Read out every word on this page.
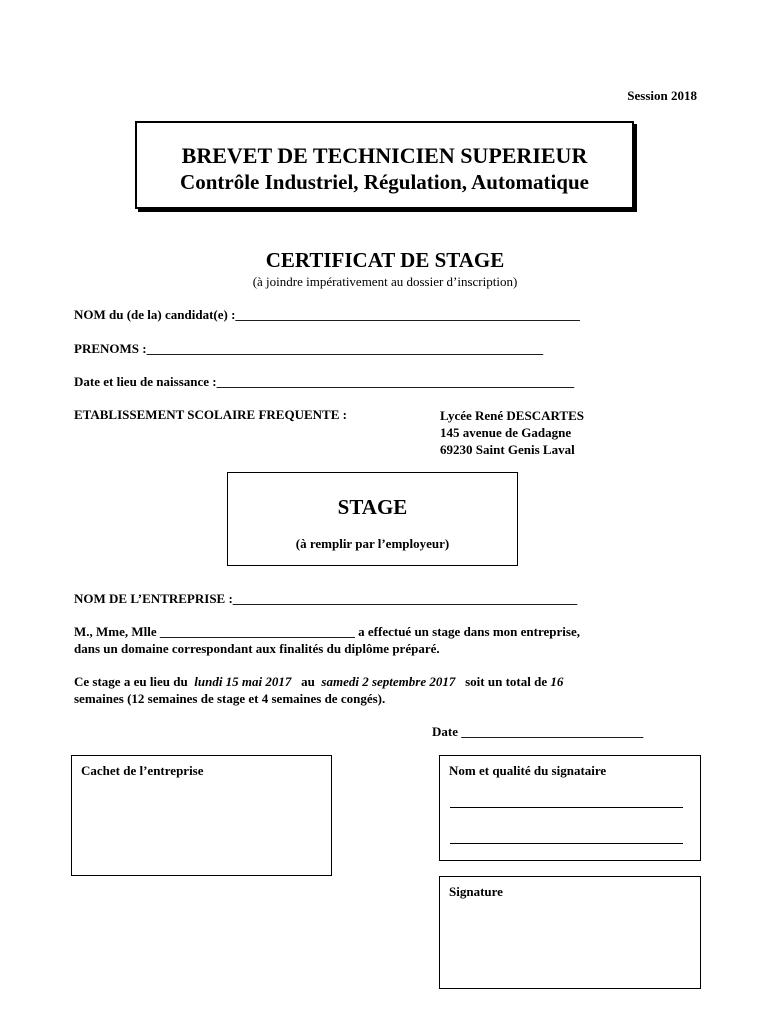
Session 2018
BREVET DE TECHNICIEN SUPERIEUR
Contrôle Industriel, Régulation, Automatique
CERTIFICAT DE STAGE
(à joindre impérativement au dossier d’inscription)
NOM du (de la) candidat(e) :_____________________________________________________
PRENOMS :_____________________________________________________________
Date et lieu de naissance :_______________________________________________________
ETABLISSEMENT SCOLAIRE FREQUENTE :	Lycée René DESCARTES
145 avenue de Gadagne
69230 Saint Genis Laval
STAGE
(à remplir par l’employeur)
NOM DE L’ENTREPRISE :_____________________________________________________
M., Mme, Mlle ______________________________ a effectué un stage dans mon entreprise,
dans un domaine correspondant aux finalités du diplôme préparé.
Ce stage a eu lieu du lundi 15 mai 2017 au samedi 2 septembre 2017 soit un total de 16
semaines (12 semaines de stage et 4 semaines de congés).
Date ____________________________
Cachet de l’entreprise	Nom et qualité du signataire
Signature
